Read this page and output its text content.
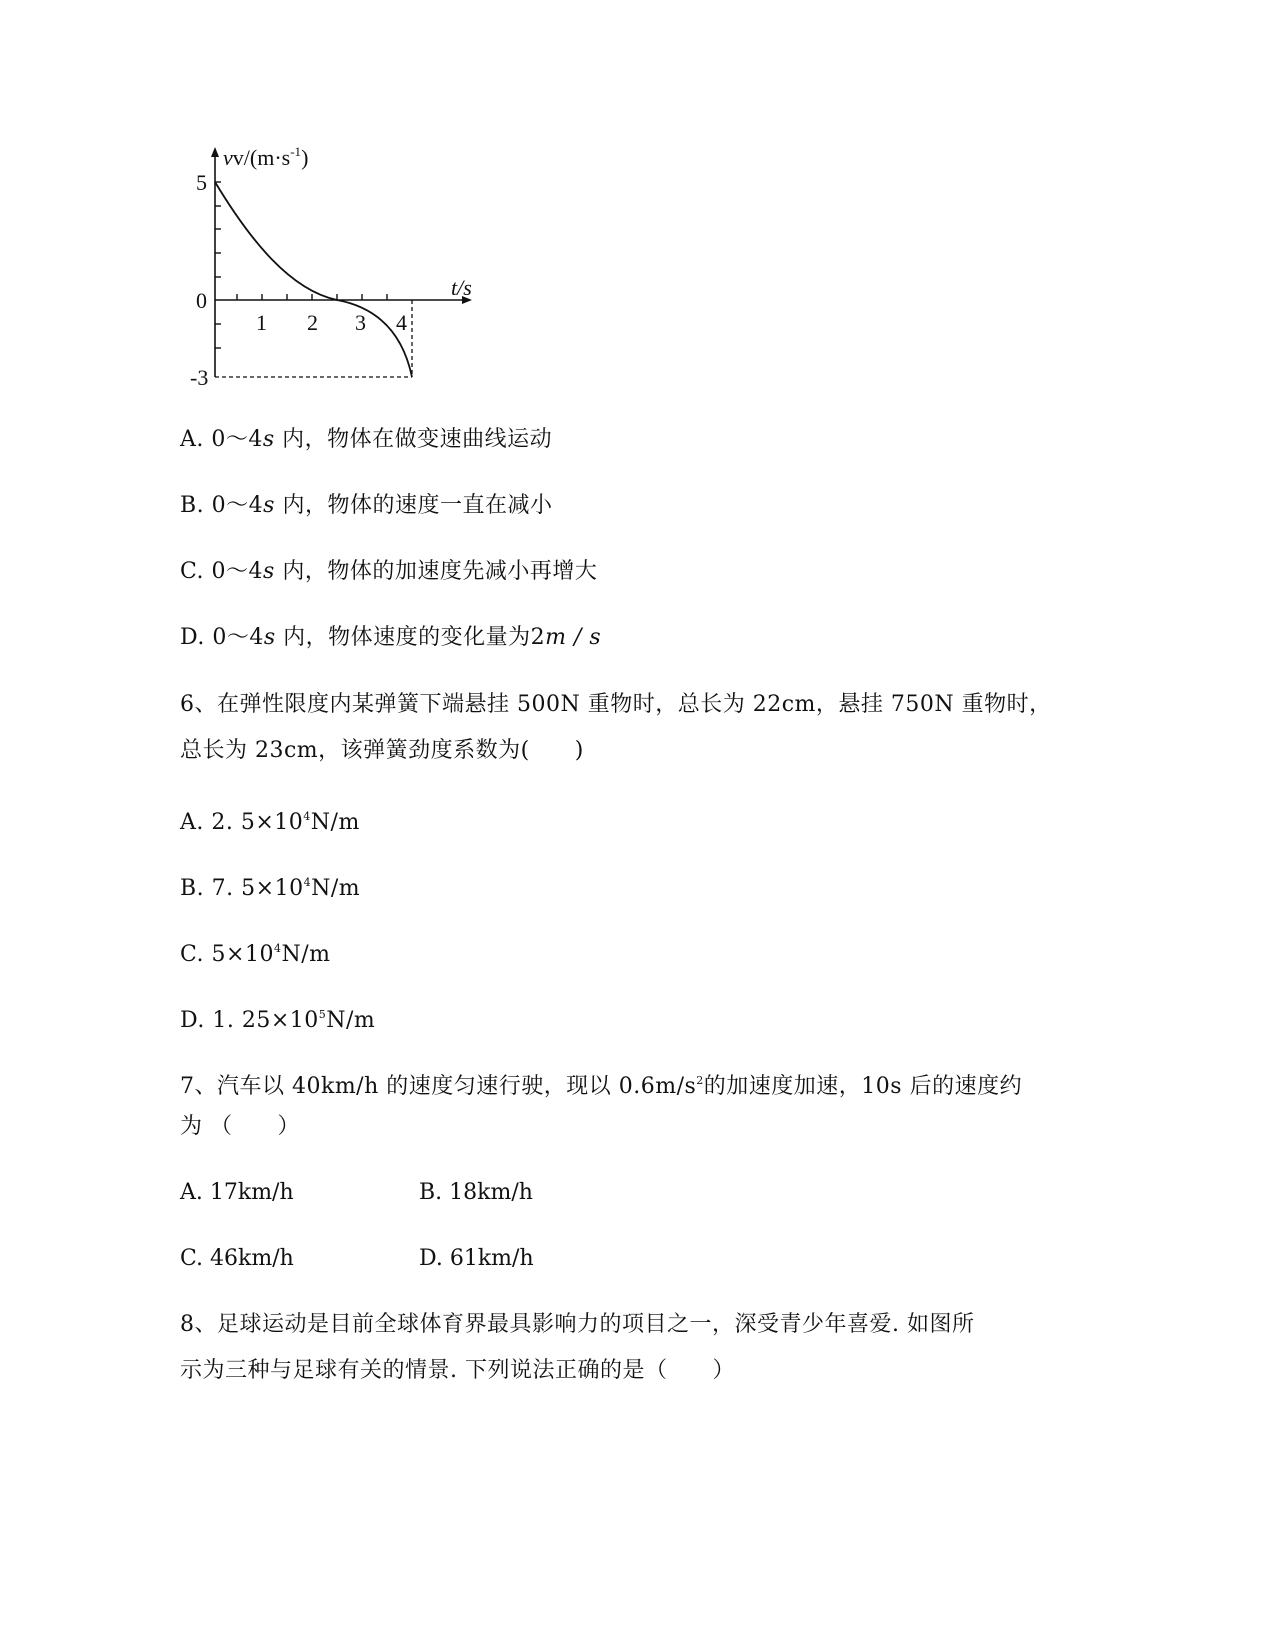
$vv/(m\cdot s^{-1})$
t/s
5
0
-3
1 2 3 4
A. 0～4s 内，物体在做变速曲线运动
B. 0～4s 内，物体的速度一直在减小
C. 0～4s 内，物体的加速度先减小再增大
D. 0～4s 内，物体速度的变化量为2m / s
6、在弹性限度内某弹簧下端悬挂 500N 重物时，总长为 22cm，悬挂 750N 重物时，
总长为 23cm，该弹簧劲度系数为(　　)
A. 2. $5\times 10^4N/m$
B. 7. $5\times 10^4N/m$
C. $5\times 10^4N/m$
D. 1. $25\times 10^5N/m$
7、汽车以 40km/h 的速度匀速行驶，现以 $0.6m/s^2$的加速度加速，10s 后的速度约
为 （　　）
A. 17km/h	B. 18km/h
C. 46km/h	D. 61km/h
8、足球运动是目前全球体育界最具影响力的项目之一，深受青少年喜爱. 如图所
示为三种与足球有关的情景. 下列说法正确的是（　　）
